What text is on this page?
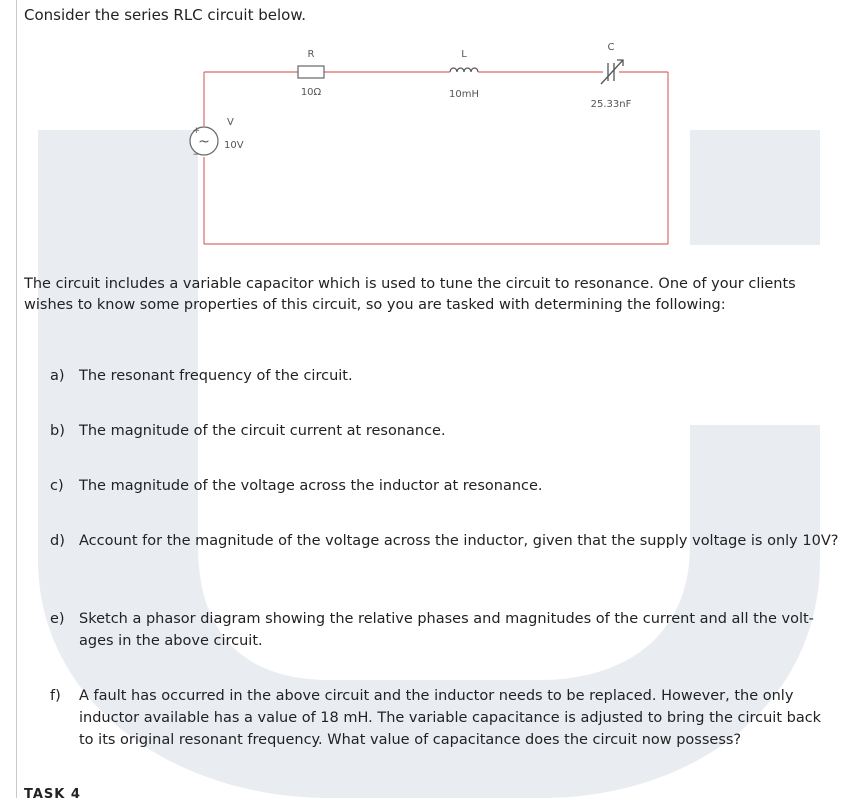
Consider the series RLC circuit below.

~
+
−
V
10V
R
10Ω
L
10mH
C
25.33nF

The circuit includes a variable capacitor which is used to tune the circuit to resonance. One of your clients wishes to know some properties of this circuit, so you are tasked with determining the following:

a) The resonant frequency of the circuit.
b) The magnitude of the circuit current at resonance.
c)	The magnitude of the voltage across the inductor at resonance.
d) Account for the magnitude of the voltage across the inductor, given that the supply voltage is only 10V?
e) Sketch a phasor diagram showing the relative phases and magnitudes of the current and all the volt-ages in the above circuit.
f)	A fault has occurred in the above circuit and the inductor needs to be replaced. However, the only inductor available has a value of 18 mH. The variable capacitance is adjusted to bring the circuit back to its original resonant frequency. What value of capacitance does the circuit now possess?
TASK 4
